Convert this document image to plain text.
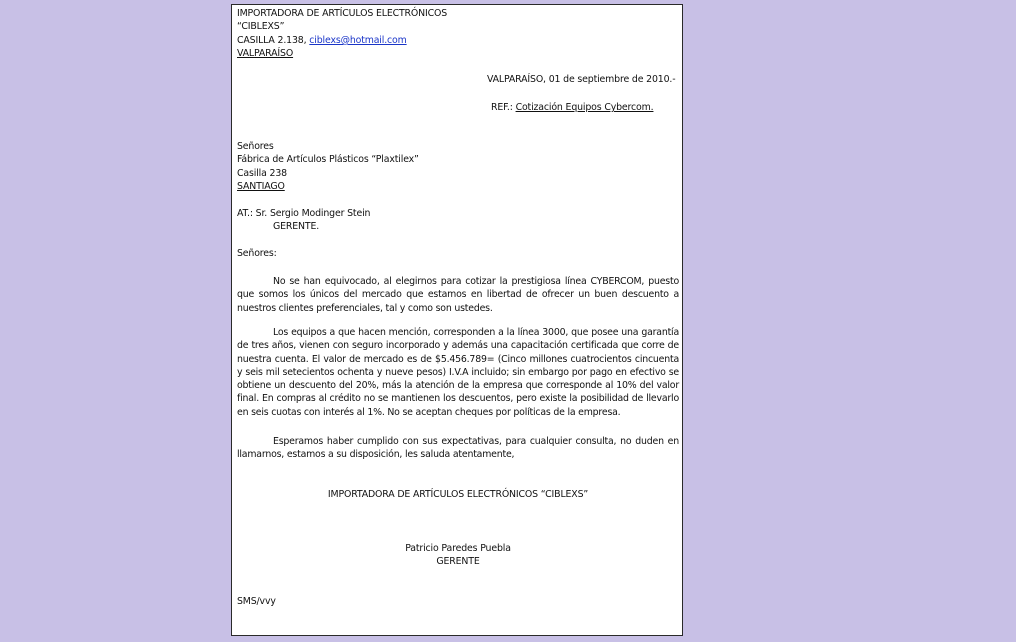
IMPORTADORA DE ARTÍCULOS ELECTRÓNICOS
“CIBLEXS”
CASILLA 2.138, ciblexs@hotmail.com
VALPARAÍSO
VALPARAÍSO, 01 de septiembre de 2010.-
REF.: Cotización Equipos Cybercom.
Señores
Fábrica de Artículos Plásticos “Plaxtilex”
Casilla 238
SANTIAGO
AT.: Sr. Sergio Modinger Stein
GERENTE.
Señores:
No se han equivocado, al elegirnos para cotizar la prestigiosa línea CYBERCOM, puesto que somos los únicos del mercado que estamos en libertad de ofrecer un buen descuento a nuestros clientes preferenciales, tal y como son ustedes.
Los equipos a que hacen mención, corresponden a la línea 3000, que posee una garantía de tres años, vienen con seguro incorporado y además una capacitación certificada que corre de nuestra cuenta. El valor de mercado es de $5.456.789= (Cinco millones cuatrocientos cincuenta y seis mil setecientos ochenta y nueve pesos) I.V.A incluido; sin embargo por pago en efectivo se obtiene un descuento del 20%, más la atención de la empresa que corresponde al 10% del valor final. En compras al crédito no se mantienen los descuentos, pero existe la posibilidad de llevarlo en seis cuotas con interés al 1%. No se aceptan cheques por políticas de la empresa.
Esperamos haber cumplido con sus expectativas, para cualquier consulta, no duden en llamarnos, estamos a su disposición, les saluda atentamente,
IMPORTADORA DE ARTÍCULOS ELECTRÓNICOS “CIBLEXS”
Patricio Paredes Puebla
GERENTE
SMS/vvy
